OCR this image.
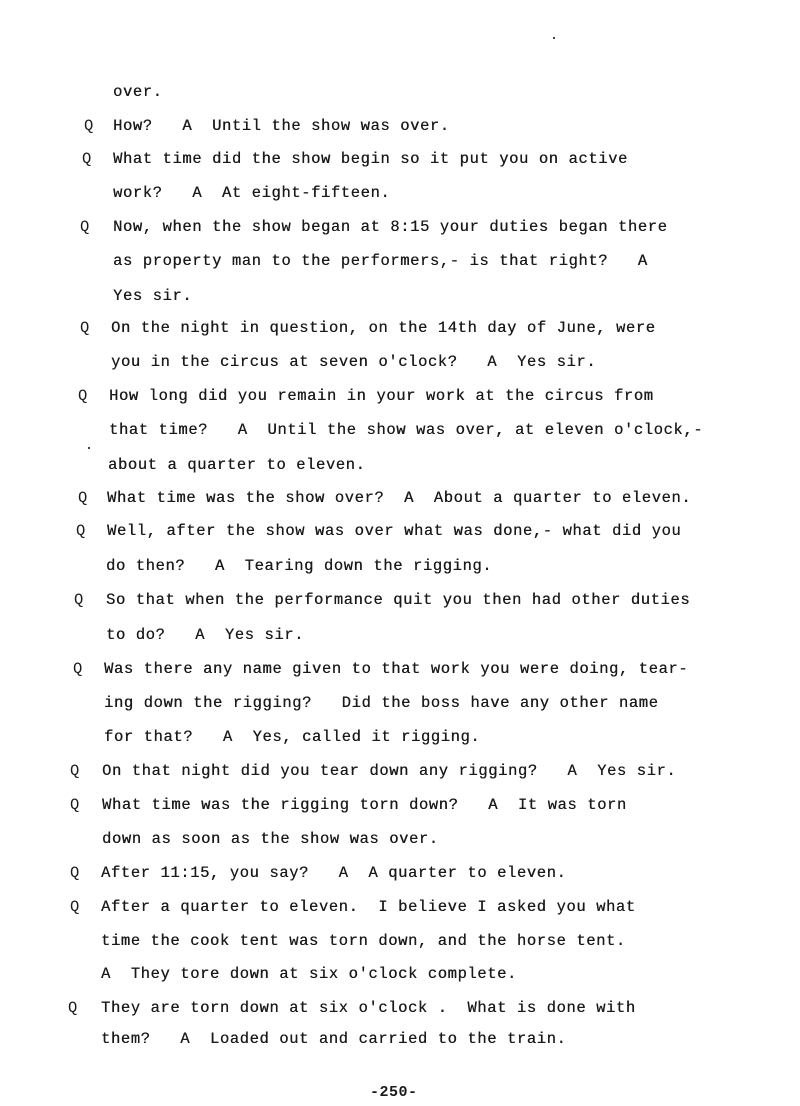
over.
Q How?   A  Until the show was over.
Q What time did the show begin so it put you on active
work?   A  At eight-fifteen.
Q Now, when the show began at 8:15 your duties began there
as property man to the performers,- is that right?   A
Yes sir.
Q On the night in question, on the 14th day of June, were
you in the circus at seven o'clock?   A  Yes sir.
Q How long did you remain in your work at the circus from
that time?   A  Until the show was over, at eleven o'clock,-
about a quarter to eleven.
Q What time was the show over?  A  About a quarter to eleven.
Q Well, after the show was over what was done,- what did you
do then?   A  Tearing down the rigging.
Q So that when the performance quit you then had other duties
to do?   A  Yes sir.
Q Was there any name given to that work you were doing, tear-
ing down the rigging?   Did the boss have any other name
for that?   A  Yes, called it rigging.
Q On that night did you tear down any rigging?   A  Yes sir.
Q What time was the rigging torn down?   A  It was torn
down as soon as the show was over.
Q After 11:15, you say?   A  A quarter to eleven.
Q After a quarter to eleven.  I believe I asked you what
time the cook tent was torn down, and the horse tent.
A  They tore down at six o'clock complete.
Q They are torn down at six o'clock .  What is done with
them?   A  Loaded out and carried to the train.
-250-
